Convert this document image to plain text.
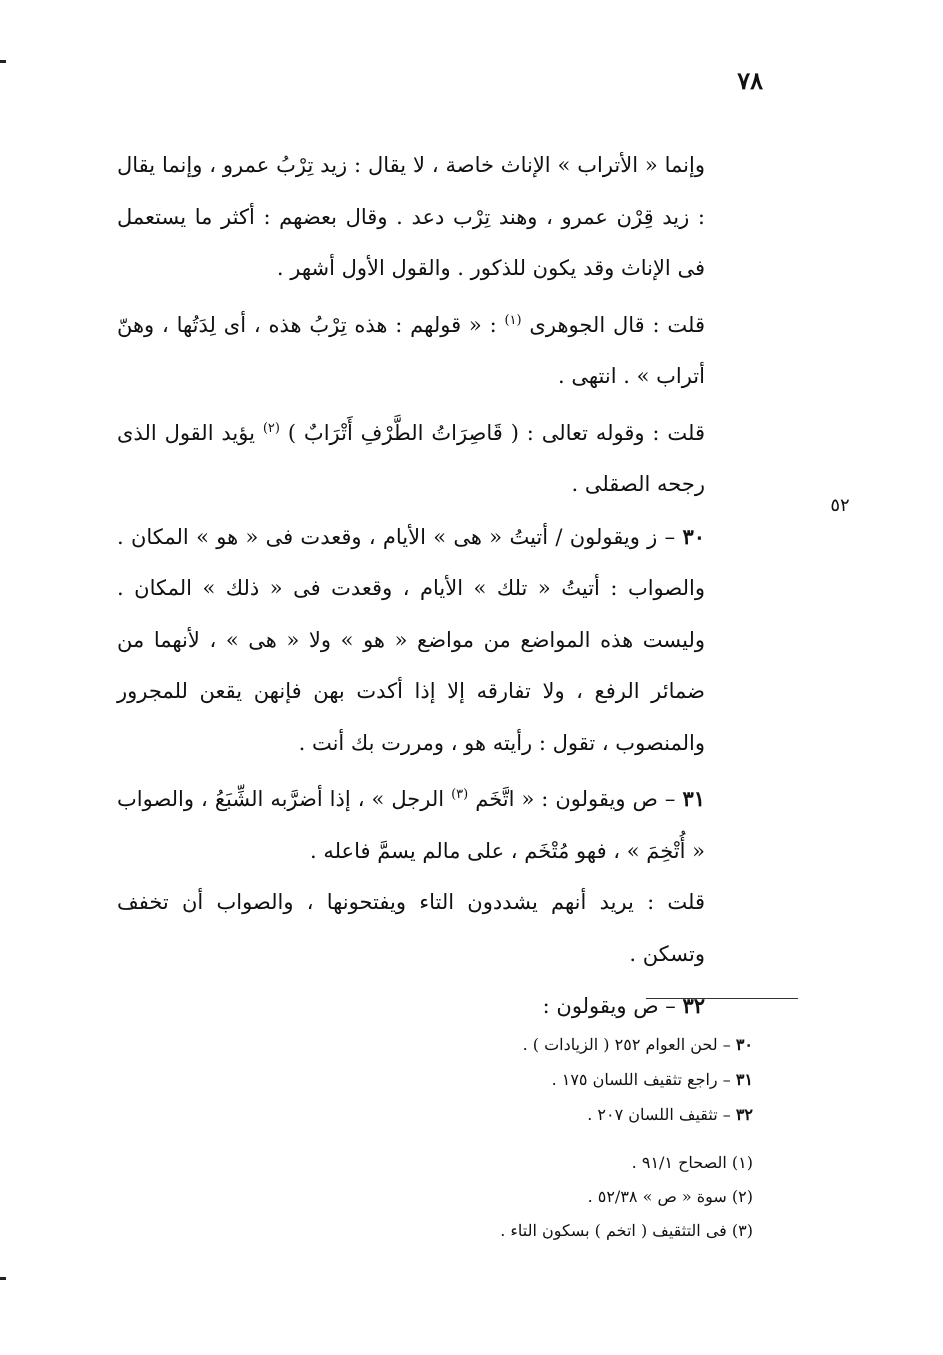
٧٨
٥٢

وإنما « الأتراب » الإناث خاصة ، لا يقال : زيد تِرْبُ عمرو ، وإنما يقال : زيد قِرْن عمرو ، وهند تِرْب دعد . وقال بعضهم : أكثر ما يستعمل فى الإناث وقد يكون للذكور . والقول الأول أشهر .

قلت : قال الجوهرى $^{(١)}$ : « قولهم : هذه تِرْبُ هذه ، أى لِدَتُها ، وهنّ أتراب » . انتهى .

قلت : وقوله تعالى : ( قَاصِرَاتُ الطَّرْفِ أَتْرَابٌ ) $^{(٢)}$ يؤيد القول الذى رجحه الصقلى .

٣٠ – ز ويقولون / أتيتُ « هى » الأيام ، وقعدت فى « هو » المكان . والصواب : أتيتُ « تلك » الأيام ، وقعدت فى « ذلك » المكان . وليست هذه المواضع من مواضع « هو » ولا « هى » ، لأنهما من ضمائر الرفع ، ولا تفارقه إلا إذا أكدت بهن فإنهن يقعن للمجرور والمنصوب ، تقول : رأيته هو ، ومررت بك أنت .

٣١ – ص ويقولون : « اتَّخَم $^{(٣)}$ الرجل » ، إذا أضرَّبه الشِّبَعُ ، والصواب « أُتْخِمَ » ، فهو مُتْخَم ، على مالم يسمَّ فاعله .

قلت : يريد أنهم يشددون التاء ويفتحونها ، والصواب أن تخفف وتسكن .

٣٢ – ص ويقولون :

٣٠ – لحن العوام ٢٥٢ ( الزيادات ) .

٣١ – راجع تثقيف اللسان ١٧٥ .

٣٢ – تثقيف اللسان ٢٠٧ .

(١) الصحاح ٩١/١ .

(٢) سوة « ص » ٥٢/٣٨ .

(٣) فى التثقيف ( اتخم ) بسكون التاء .
